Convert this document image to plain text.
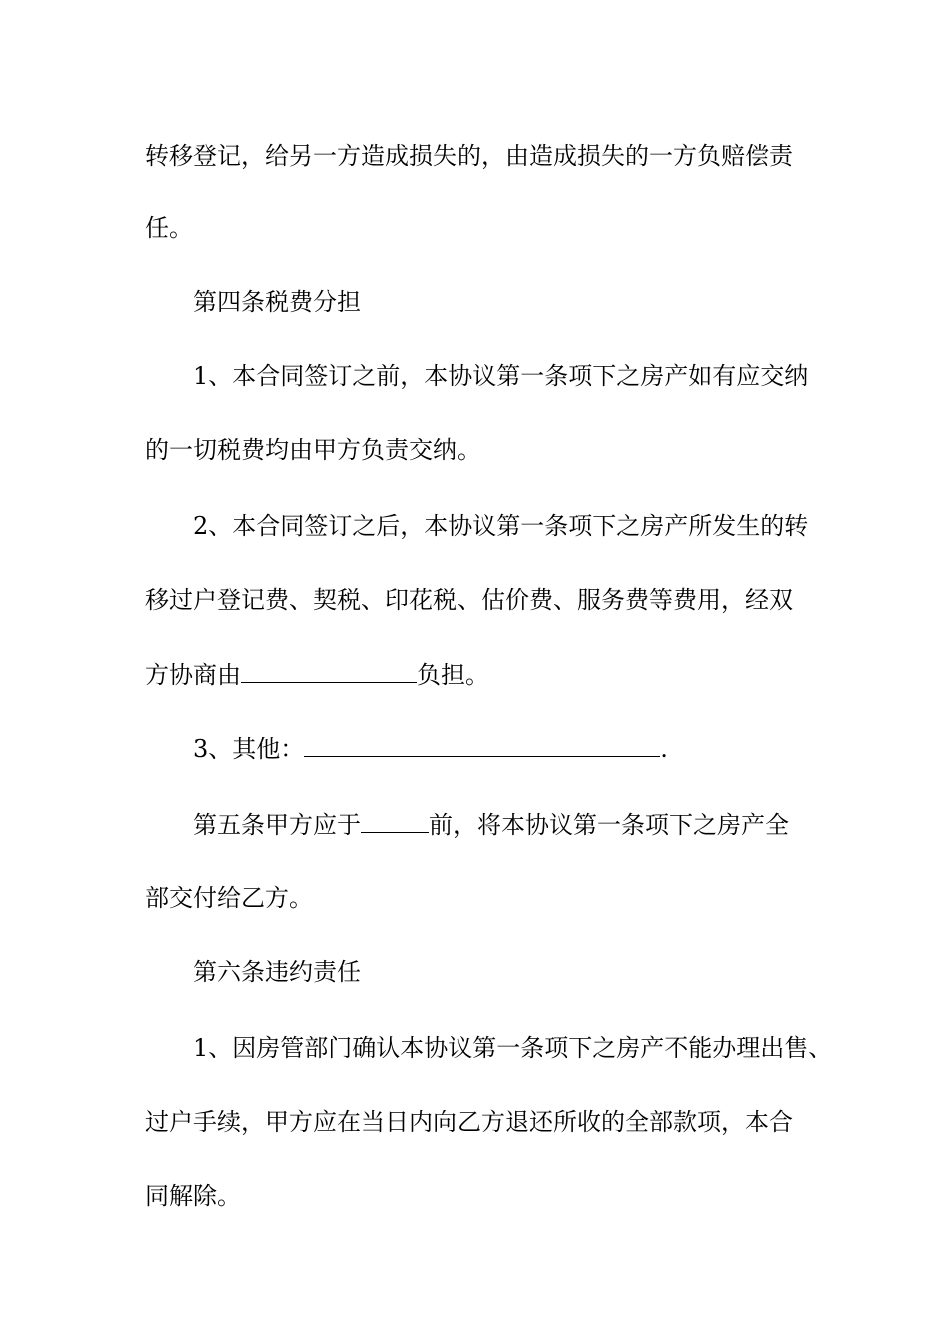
转移登记，给另一方造成损失的，由造成损失的一方负赔偿责
任。
第四条税费分担
1、本合同签订之前，本协议第一条项下之房产如有应交纳
的一切税费均由甲方负责交纳。
2、本合同签订之后，本协议第一条项下之房产所发生的转
移过户登记费、契税、印花税、估价费、服务费等费用，经双
方协商由	负担。
3、其他：	.
第五条甲方应于	前，将本协议第一条项下之房产全
部交付给乙方。
第六条违约责任
1、因房管部门确认本协议第一条项下之房产不能办理出售、
过户手续，甲方应在当日内向乙方退还所收的全部款项，本合
同解除。
